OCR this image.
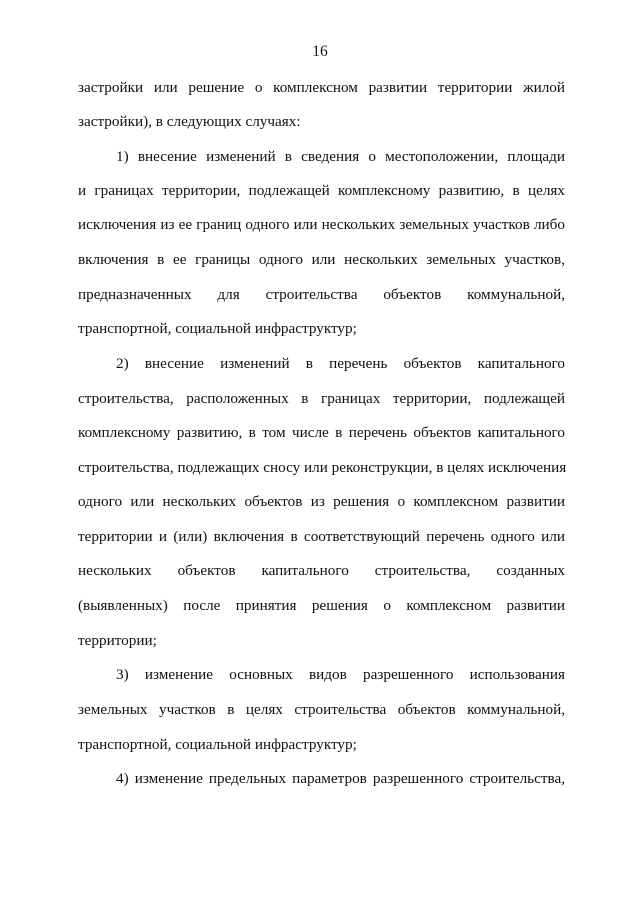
16
застройки или решение о комплексном развитии территории жилой
застройки), в следующих случаях:
1) внесение изменений в сведения о местоположении, площади
и границах территории, подлежащей комплексному развитию, в целях
исключения из ее границ одного или нескольких земельных участков либо
включения в ее границы одного или нескольких земельных участков,
предназначенных для строительства объектов коммунальной,
транспортной, социальной инфраструктур;
2) внесение изменений в перечень объектов капитального
строительства, расположенных в границах территории, подлежащей
комплексному развитию, в том числе в перечень объектов капитального
строительства, подлежащих сносу или реконструкции, в целях исключения
одного или нескольких объектов из решения о комплексном развитии
территории и (или) включения в соответствующий перечень одного или
нескольких объектов капитального строительства, созданных
(выявленных) после принятия решения о комплексном развитии
территории;
3) изменение основных видов разрешенного использования
земельных участков в целях строительства объектов коммунальной,
транспортной, социальной инфраструктур;
4) изменение предельных параметров разрешенного строительства,
